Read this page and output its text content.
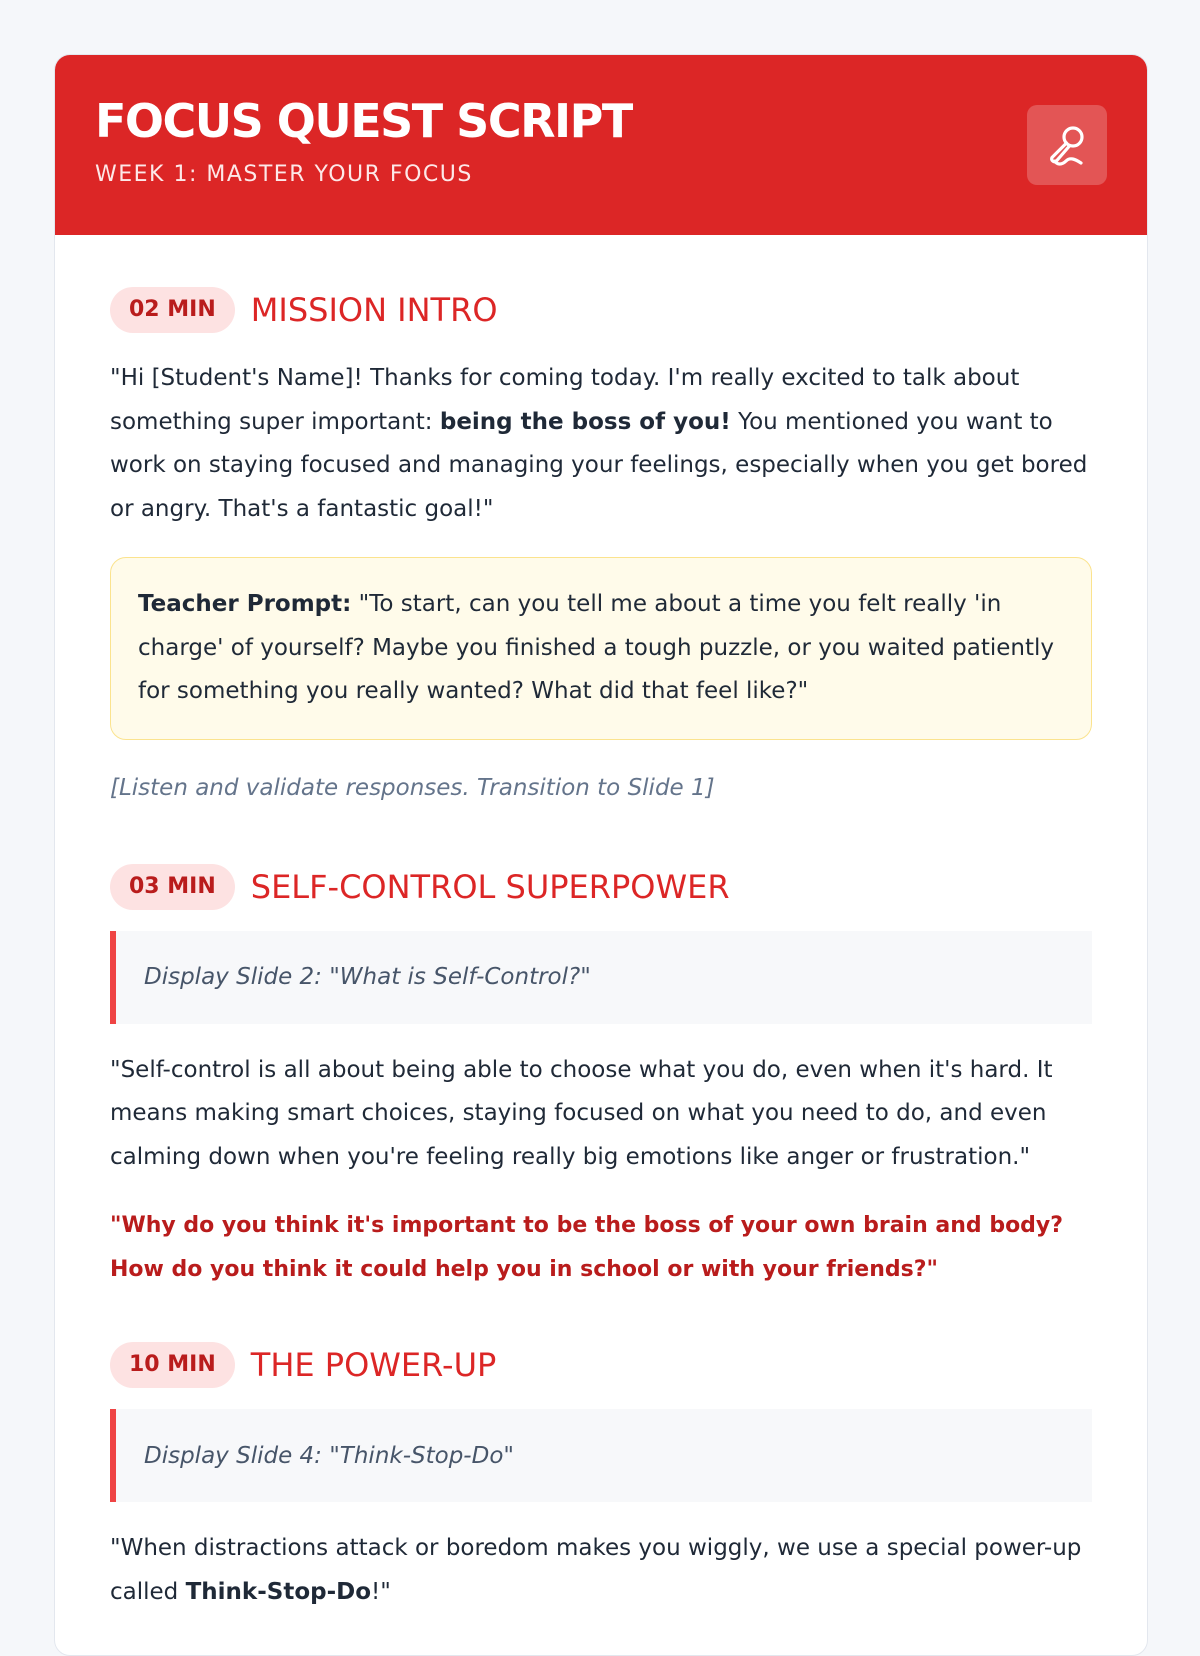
FOCUS QUEST SCRIPT
WEEK 1: MASTER YOUR FOCUS
02 MIN	MISSION INTRO

"Hi [Student's Name]! Thanks for coming today. I'm really excited to talk about something super important: being the boss of you! You mentioned you want to work on staying focused and managing your feelings, especially when you get bored or angry. That's a fantastic goal!"

Teacher Prompt: "To start, can you tell me about a time you felt really 'in charge' of yourself? Maybe you finished a tough puzzle, or you waited patiently for something you really wanted? What did that feel like?"
[Listen and validate responses. Transition to Slide 1]
03 MIN	SELF-CONTROL SUPERPOWER
Display Slide 2: "What is Self-Control?"

"Self-control is all about being able to choose what you do, even when it's hard. It means making smart choices, staying focused on what you need to do, and even calming down when you're feeling really big emotions like anger or frustration."

"Why do you think it's important to be the boss of your own brain and body? How do you think it could help you in school or with your friends?"

10 MIN	THE POWER-UP
Display Slide 4: "Think-Stop-Do"

"When distractions attack or boredom makes you wiggly, we use a special power-up called Think-Stop-Do!"
